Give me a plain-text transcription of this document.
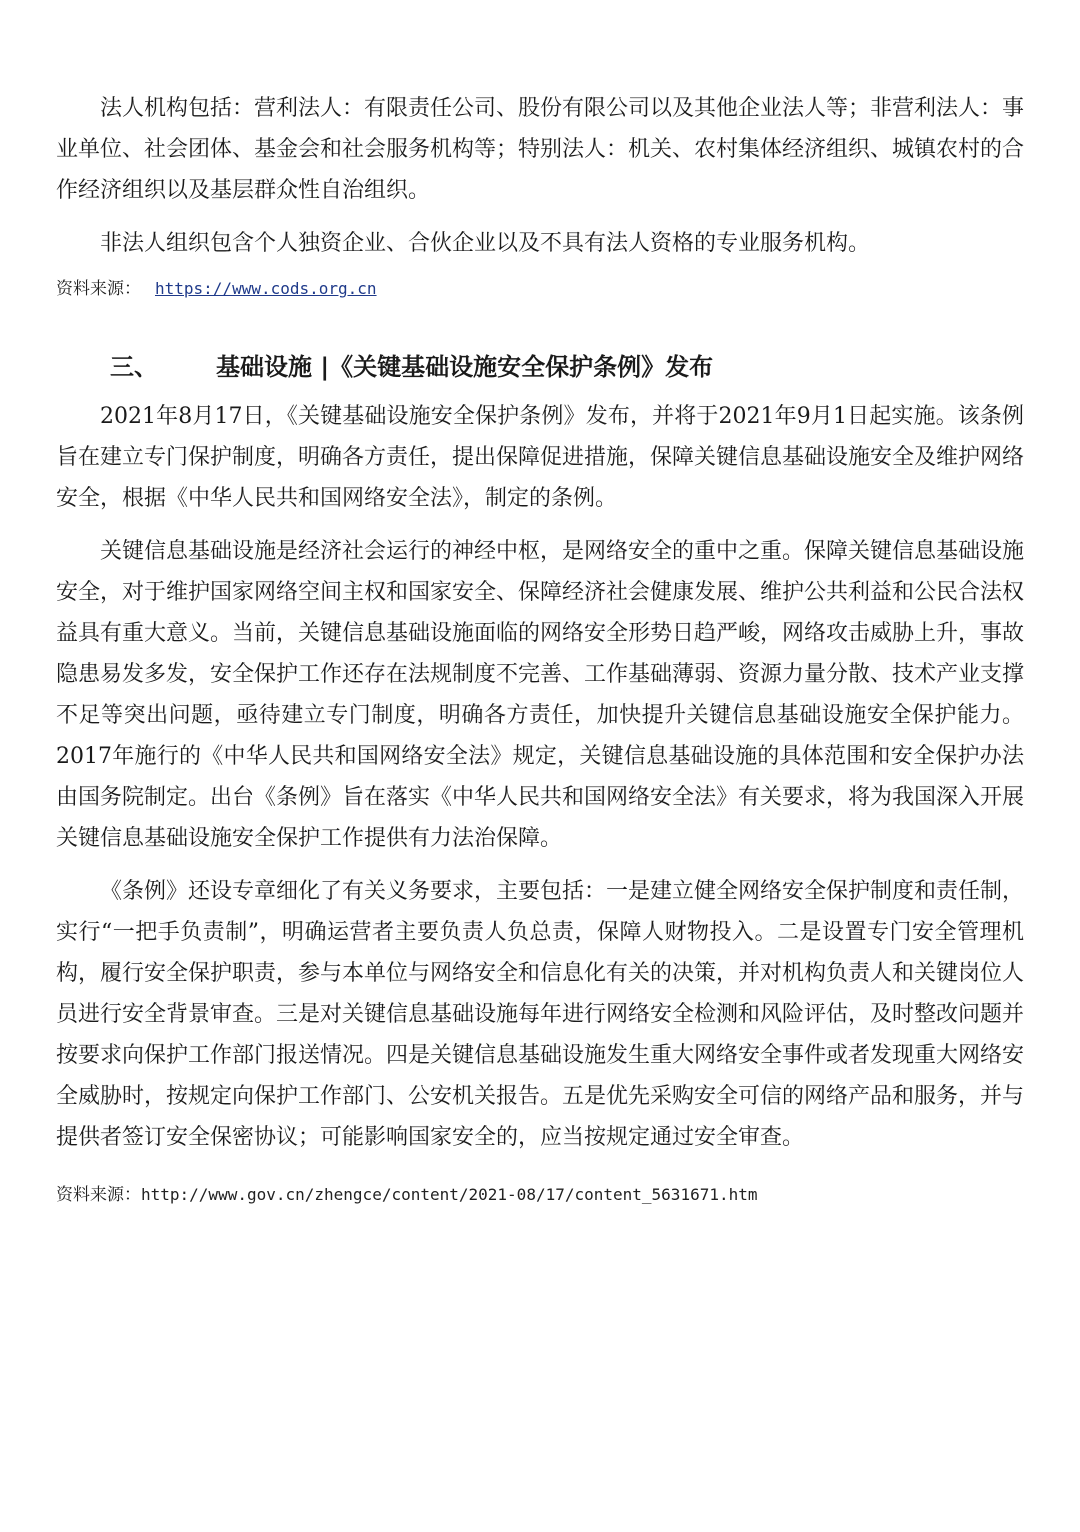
法人机构包括：营利法人：有限责任公司、股份有限公司以及其他企业法人等；非营利法人：事业单位、社会团体、基金会和社会服务机构等；特别法人：机关、农村集体经济组织、城镇农村的合作经济组织以及基层群众性自治组织。

非法人组织包含个人独资企业、合伙企业以及不具有法人资格的专业服务机构。

资料来源： https://www.cods.org.cn

三、 基础设施 |《关键基础设施安全保护条例》发布

2021年8月17日，《关键基础设施安全保护条例》发布，并将于2021年9月1日起实施。该条例旨在建立专门保护制度，明确各方责任，提出保障促进措施，保障关键信息基础设施安全及维护网络安全，根据《中华人民共和国网络安全法》，制定的条例。

关键信息基础设施是经济社会运行的神经中枢，是网络安全的重中之重。保障关键信息基础设施安全，对于维护国家网络空间主权和国家安全、保障经济社会健康发展、维护公共利益和公民合法权益具有重大意义。当前，关键信息基础设施面临的网络安全形势日趋严峻，网络攻击威胁上升，事故隐患易发多发，安全保护工作还存在法规制度不完善、工作基础薄弱、资源力量分散、技术产业支撑不足等突出问题，亟待建立专门制度，明确各方责任，加快提升关键信息基础设施安全保护能力。2017年施行的《中华人民共和国网络安全法》规定，关键信息基础设施的具体范围和安全保护办法由国务院制定。出台《条例》旨在落实《中华人民共和国网络安全法》有关要求，将为我国深入开展关键信息基础设施安全保护工作提供有力法治保障。

《条例》还设专章细化了有关义务要求，主要包括：一是建立健全网络安全保护制度和责任制，实行“一把手负责制”，明确运营者主要负责人负总责，保障人财物投入。二是设置专门安全管理机构，履行安全保护职责，参与本单位与网络安全和信息化有关的决策，并对机构负责人和关键岗位人员进行安全背景审查。三是对关键信息基础设施每年进行网络安全检测和风险评估，及时整改问题并按要求向保护工作部门报送情况。四是关键信息基础设施发生重大网络安全事件或者发现重大网络安全威胁时，按规定向保护工作部门、公安机关报告。五是优先采购安全可信的网络产品和服务，并与提供者签订安全保密协议；可能影响国家安全的，应当按规定通过安全审查。

资料来源：http://www.gov.cn/zhengce/content/2021-08/17/content_5631671.htm
